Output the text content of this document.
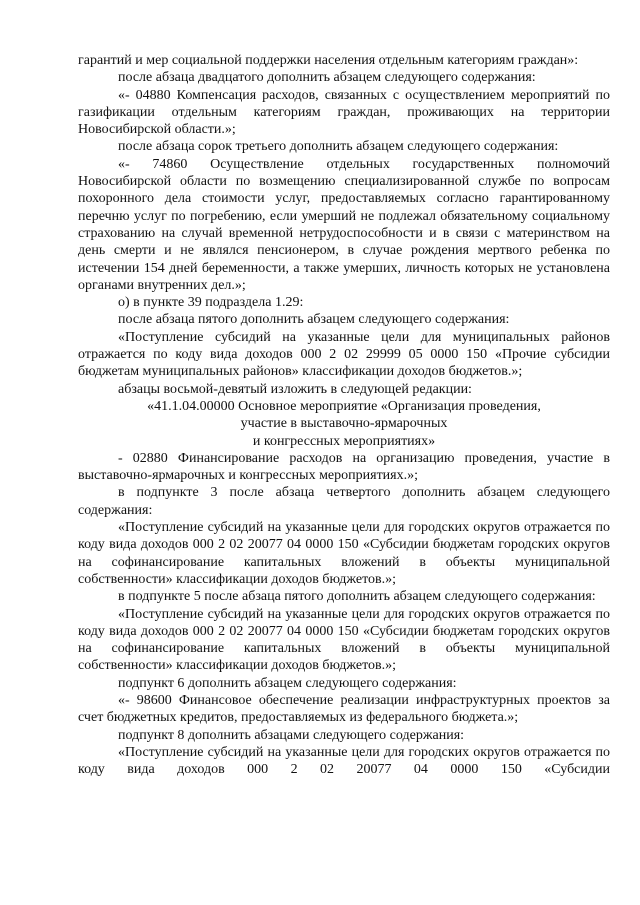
гарантий и мер социальной поддержки населения отдельным категориям граждан»:

после абзаца двадцатого дополнить абзацем следующего содержания:

«- 04880 Компенсация расходов, связанных с осуществлением мероприятий по газификации отдельным категориям граждан, проживающих на территории Новосибирской области.»;

после абзаца сорок третьего дополнить абзацем следующего содержания:

«- 74860 Осуществление отдельных государственных полномочий Новосибирской области по возмещению специализированной службе по вопросам похоронного дела стоимости услуг, предоставляемых согласно гарантированному перечню услуг по погребению, если умерший не подлежал обязательному социальному страхованию на случай временной нетрудоспособности и в связи с материнством на день смерти и не являлся пенсионером, в случае рождения мертвого ребенка по истечении 154 дней беременности, а также умерших, личность которых не установлена органами внутренних дел.»;

о) в пункте 39 подраздела 1.29:

после абзаца пятого дополнить абзацем следующего содержания:

«Поступление субсидий на указанные цели для муниципальных районов отражается по коду вида доходов 000 2 02 29999 05 0000 150 «Прочие субсидии бюджетам муниципальных районов» классификации доходов бюджетов.»;

абзацы восьмой-девятый изложить в следующей редакции:

«41.1.04.00000 Основное мероприятие «Организация проведения,

участие в выставочно-ярмарочных

и конгрессных мероприятиях»

- 02880 Финансирование расходов на организацию проведения, участие в выставочно-ярмарочных и конгрессных мероприятиях.»;

в подпункте 3 после абзаца четвертого дополнить абзацем следующего содержания:

«Поступление субсидий на указанные цели для городских округов отражается по коду вида доходов 000 2 02 20077 04 0000 150 «Субсидии бюджетам городских округов на софинансирование капитальных вложений в объекты муниципальной собственности» классификации доходов бюджетов.»;

в подпункте 5 после абзаца пятого дополнить абзацем следующего содержания:

«Поступление субсидий на указанные цели для городских округов отражается по коду вида доходов 000 2 02 20077 04 0000 150 «Субсидии бюджетам городских округов на софинансирование капитальных вложений в объекты муниципальной собственности» классификации доходов бюджетов.»;

подпункт 6 дополнить абзацем следующего содержания:

«- 98600 Финансовое обеспечение реализации инфраструктурных проектов за счет бюджетных кредитов, предоставляемых из федерального бюджета.»;

подпункт 8 дополнить абзацами следующего содержания:

«Поступление субсидий на указанные цели для городских округов отражается по коду вида доходов 000 2 02 20077 04 0000 150 «Субсидии
